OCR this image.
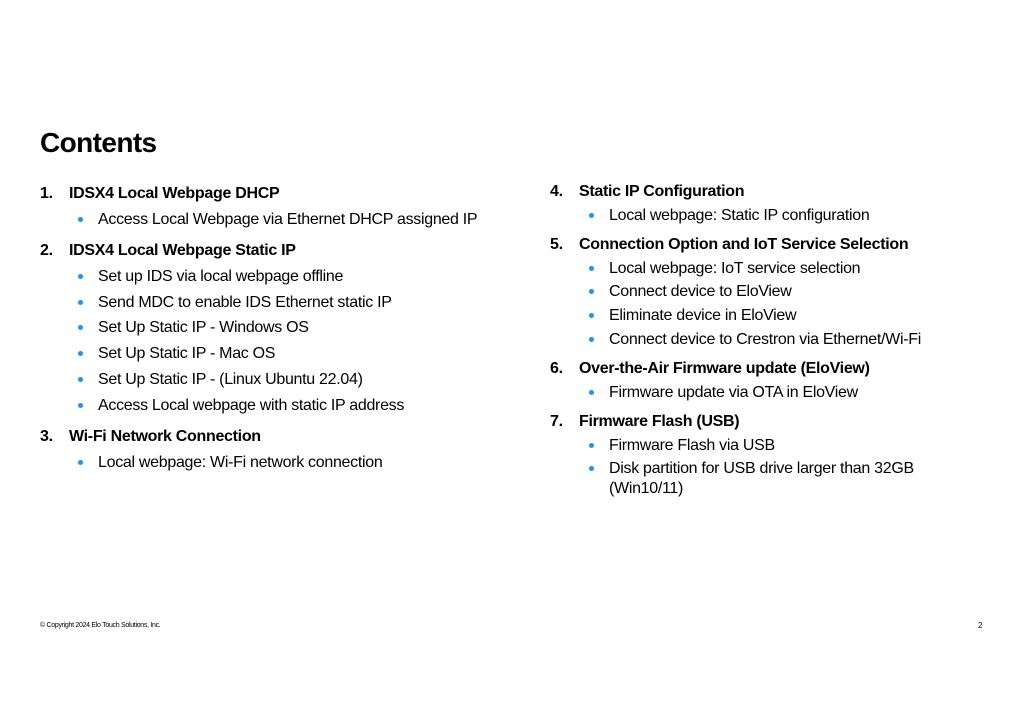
Contents
1. IDSX4 Local Webpage DHCP
Access Local Webpage via Ethernet DHCP assigned IP
2. IDSX4 Local Webpage Static IP
Set up IDS via local webpage offline
Send MDC to enable IDS Ethernet static IP
Set Up Static IP - Windows OS
Set Up Static IP - Mac OS
Set Up Static IP - (Linux Ubuntu 22.04)
Access Local webpage with static IP address
3. Wi-Fi Network Connection
Local webpage: Wi-Fi network connection
4. Static IP Configuration
Local webpage: Static IP configuration
5. Connection Option and IoT Service Selection
Local webpage: IoT service selection
Connect device to EloView
Eliminate device in EloView
Connect device to Crestron via Ethernet/Wi-Fi
6. Over-the-Air Firmware update (EloView)
Firmware update via OTA in EloView
7. Firmware Flash (USB)
Firmware Flash via USB
Disk partition for USB drive larger than 32GB (Win10/11)
© Copyright 2024 Elo Touch Solutions, Inc.	2
